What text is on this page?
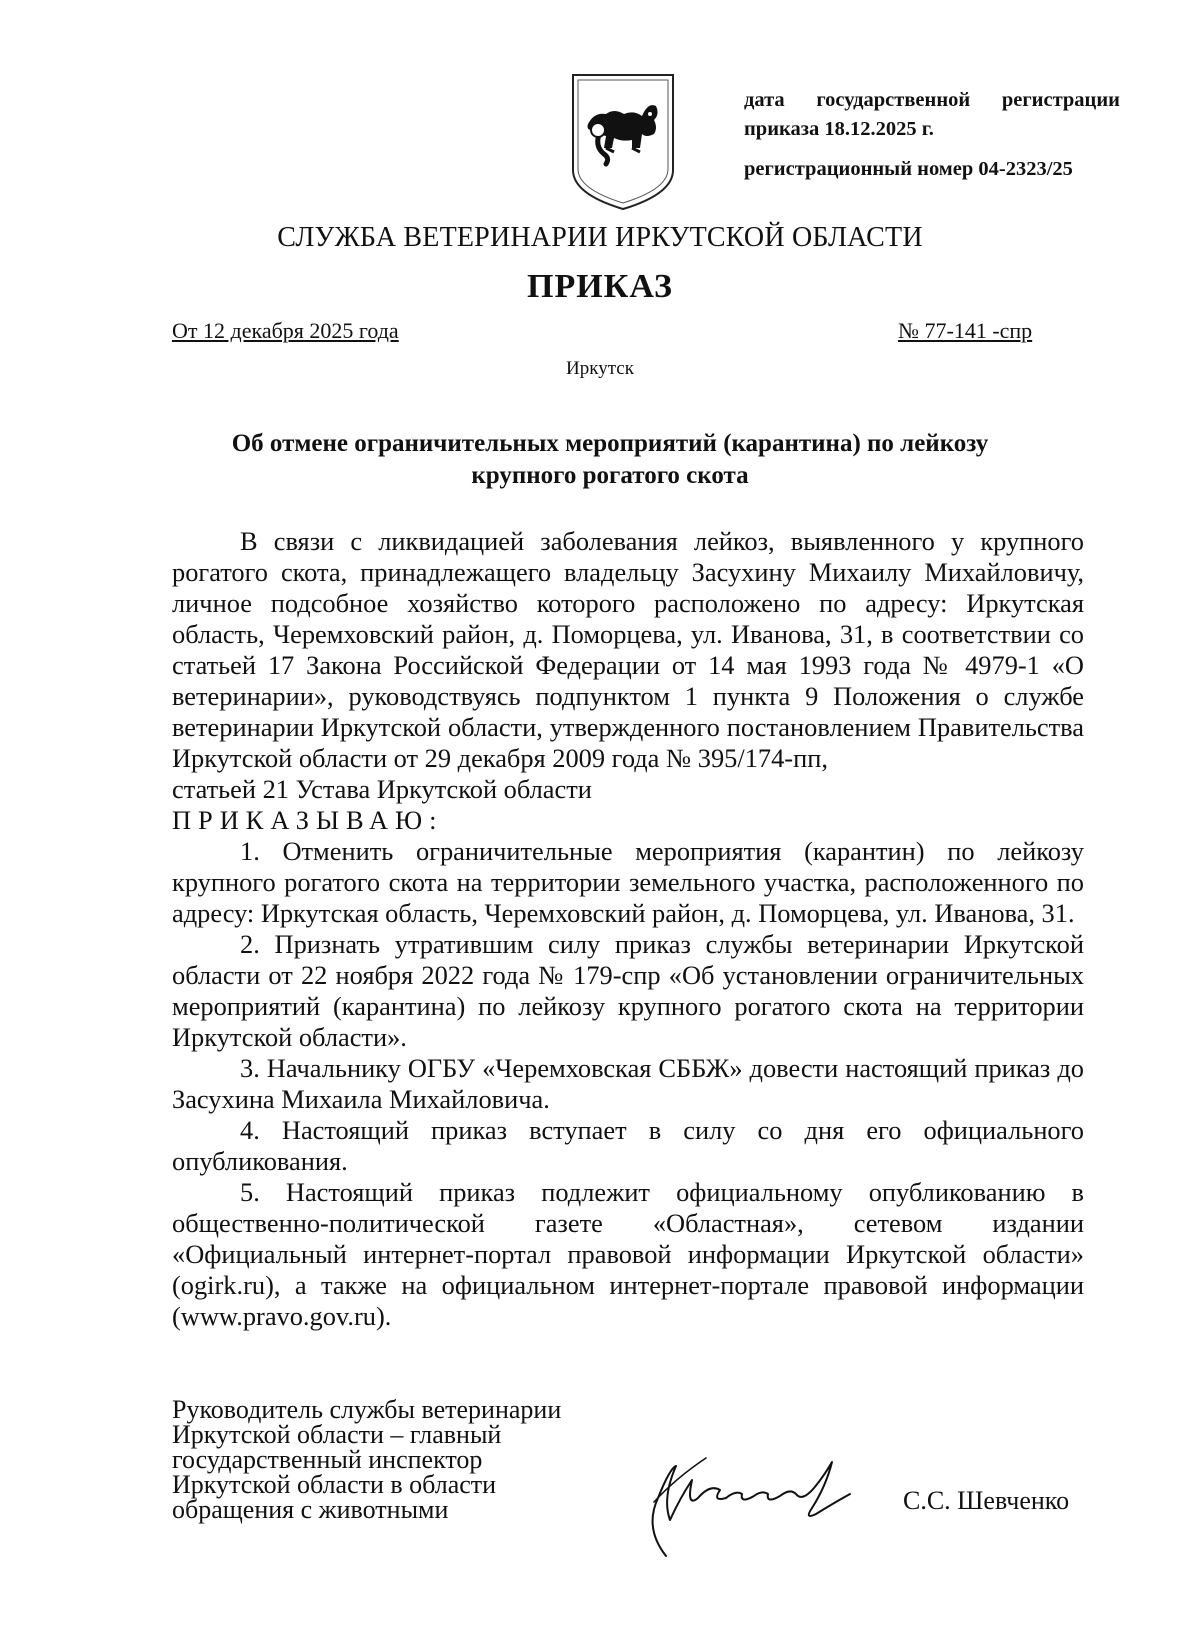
дата государственной регистрации
приказа 18.12.2025 г.
регистрационный номер 04-2323/25
СЛУЖБА ВЕТЕРИНАРИИ ИРКУТСКОЙ ОБЛАСТИ
ПРИКАЗ
От 12 декабря 2025 года	№ 77-141 -спр
Иркутск
Об отмене ограничительных мероприятий (карантина) по лейкозу
крупного рогатого скота

В связи с ликвидацией заболевания лейкоз, выявленного у крупного рогатого скота, принадлежащего владельцу Засухину Михаилу Михайловичу, личное подсобное хозяйство которого расположено по адресу: Иркутская область, Черемховский район, д. Поморцева, ул. Иванова, 31, в соответствии со статьей 17 Закона Российской Федерации от 14 мая 1993 года № 4979-1 «О ветеринарии», руководствуясь подпунктом 1 пункта 9 Положения о службе ветеринарии Иркутской области, утвержденного постановлением Правительства Иркутской области от 29 декабря 2009 года № 395/174-пп,

статьей 21 Устава Иркутской области

ПРИКАЗЫВАЮ:

1. Отменить ограничительные мероприятия (карантин) по лейкозу крупного рогатого скота на территории земельного участка, расположенного по адресу: Иркутская область, Черемховский район, д. Поморцева, ул. Иванова, 31.

2. Признать утратившим силу приказ службы ветеринарии Иркутской области от 22 ноября 2022 года № 179-спр «Об установлении ограничительных мероприятий (карантина) по лейкозу крупного рогатого скота на территории Иркутской области».

3. Начальнику ОГБУ «Черемховская СББЖ» довести настоящий приказ до Засухина Михаила Михайловича.

4. Настоящий приказ вступает в силу со дня его официального опубликования.

5. Настоящий приказ подлежит официальному опубликованию в общественно-политической газете «Областная», сетевом издании «Официальный интернет-портал правовой информации Иркутской области» (ogirk.ru), а также на официальном интернет-портале правовой информации (www.pravo.gov.ru).

Руководитель службы ветеринарии
Иркутской области – главный
государственный инспектор
Иркутской области в области
обращения с животными	С.С. Шевченко
